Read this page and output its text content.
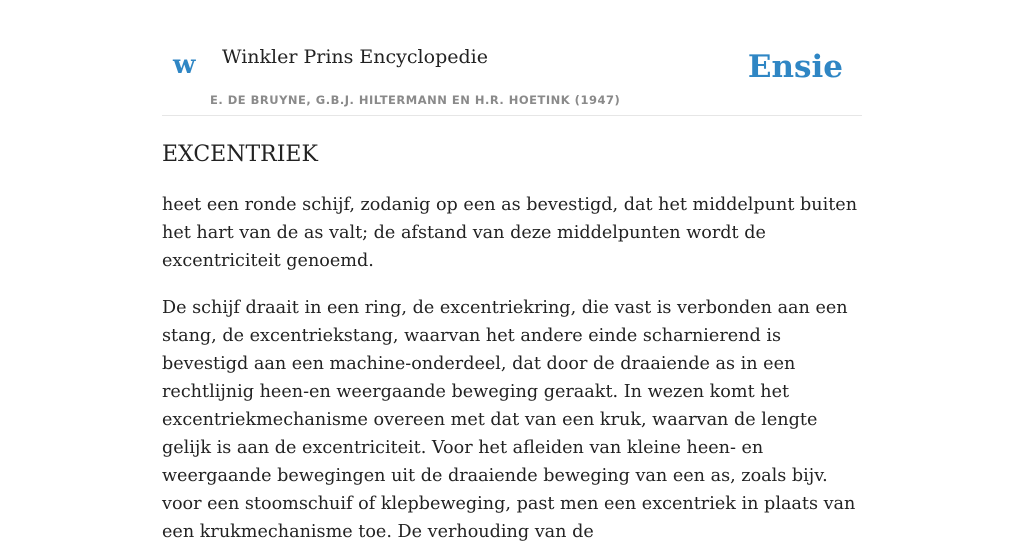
w Winkler Prins Encyclopedie
E. DE BRUYNE, G.B.J. HILTERMANN EN H.R. HOETINK (1947)
Ensie
EXCENTRIEK

heet een ronde schijf, zodanig op een as bevestigd, dat het middelpunt buiten het hart van de as valt; de afstand van deze middelpunten wordt de excentriciteit genoemd.

De schijf draait in een ring, de excentriekring, die vast is verbonden aan een stang, de excentriekstang, waarvan het andere einde scharnierend is bevestigd aan een machine-onderdeel, dat door de draaiende as in een rechtlijnig heen-en weergaande beweging geraakt. In wezen komt het excentriekmechanisme overeen met dat van een kruk, waarvan de lengte gelijk is aan de excentriciteit. Voor het afleiden van kleine heen- en weergaande bewegingen uit de draaiende beweging van een as, zoals bijv. voor een stoomschuif of klepbeweging, past men een excentriek in plaats van een krukmechanisme toe. De verhouding van de
